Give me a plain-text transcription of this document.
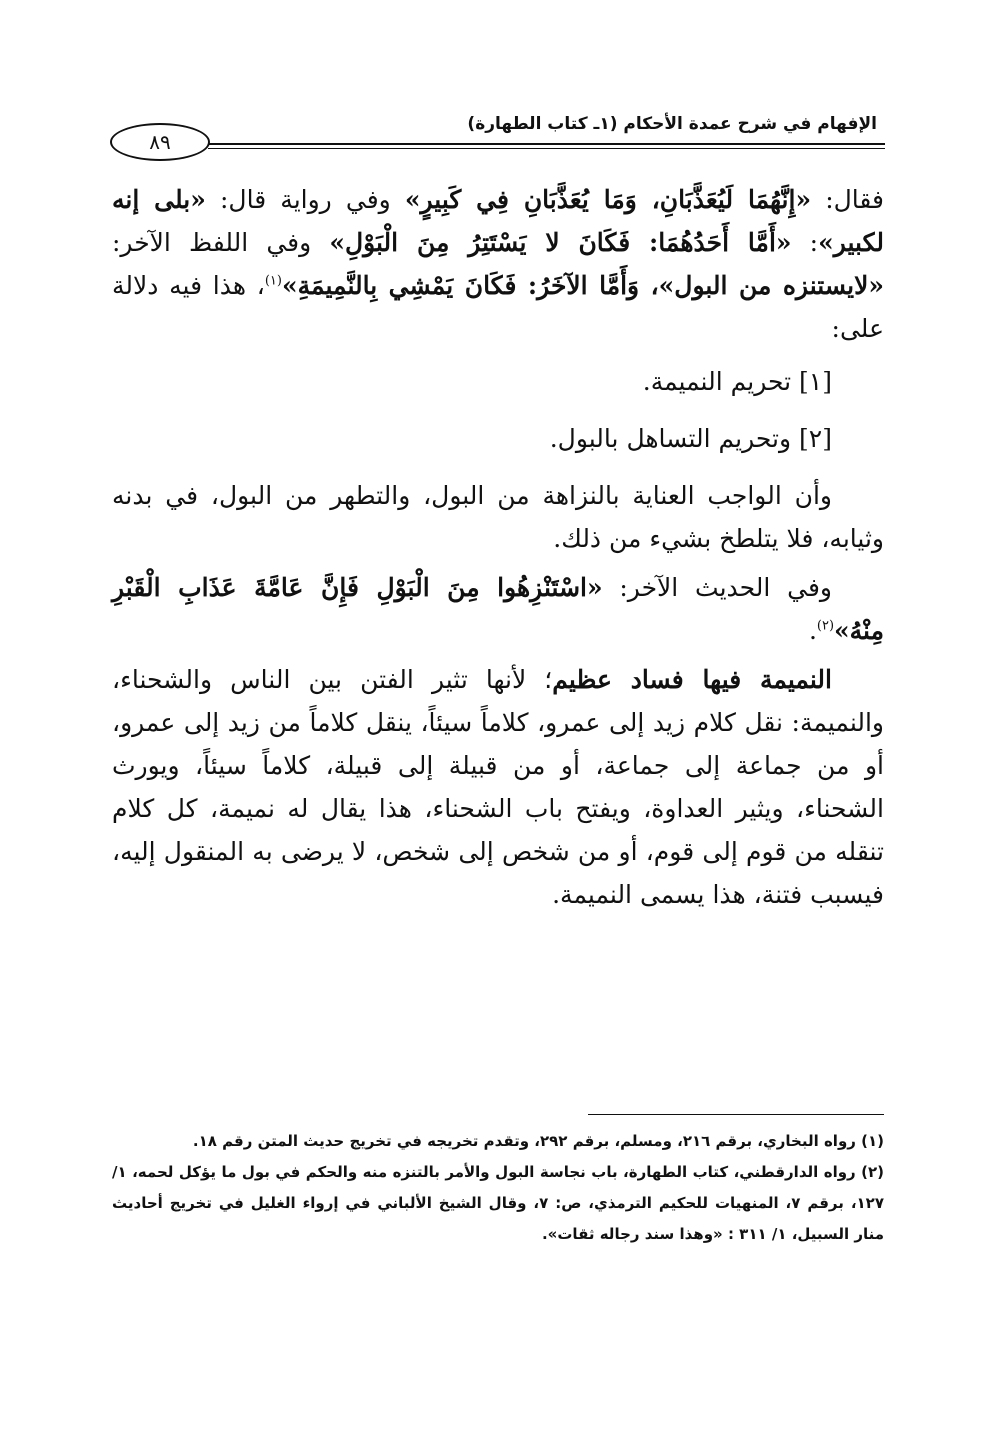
الإفهام في شرح عمدة الأحكام (١ـ كتاب الطهارة)
٨٩

فقال: «إِنَّهُمَا لَيُعَذَّبَانِ، وَمَا يُعَذَّبَانِ فِي كَبِيرٍ» وفي رواية قال: «بلى إنه لكبير»: «أَمَّا أَحَدُهُمَا: فَكَانَ لا يَسْتَتِرُ مِنَ الْبَوْلِ» وفي اللفظ الآخر: «لايستنزه من البول»، وَأَمَّا الآخَرُ: فَكَانَ يَمْشِي بِالنَّمِيمَةِ»$^{(١)}$، هذا فيه دلالة على:

[١] تحريم النميمة.

[٢] وتحريم التساهل بالبول.

وأن الواجب العناية بالنزاهة من البول، والتطهر من البول، في بدنه وثيابه، فلا يتلطخ بشيء من ذلك.

وفي الحديث الآخر: «اسْتَنْزِهُوا مِنَ الْبَوْلِ فَإِنَّ عَامَّةَ عَذَابِ الْقَبْرِ مِنْهُ»$^{(٢)}$.

النميمة فيها فساد عظيم؛ لأنها تثير الفتن بين الناس والشحناء، والنميمة: نقل كلام زيد إلى عمرو، كلاماً سيئاً، ينقل كلاماً من زيد إلى عمرو، أو من جماعة إلى جماعة، أو من قبيلة إلى قبيلة، كلاماً سيئاً، ويورث الشحناء، ويثير العداوة، ويفتح باب الشحناء، هذا يقال له نميمة، كل كلام تنقله من قوم إلى قوم، أو من شخص إلى شخص، لا يرضى به المنقول إليه، فيسبب فتنة، هذا يسمى النميمة.

(١) رواه البخاري، برقم ٢١٦، ومسلم، برقم ٢٩٢، وتقدم تخريجه في تخريج حديث المتن رقم ١٨.

(٢) رواه الدارقطني، كتاب الطهارة، باب نجاسة البول والأمر بالتنزه منه والحكم في بول ما يؤكل لحمه، ١/ ١٢٧، برقم ٧، المنهيات للحكيم الترمذي، ص: ٧، وقال الشيخ الألباني في إرواء الغليل في تخريج أحاديث منار السبيل، ١/ ٣١١ : «وهذا سند رجاله ثقات».
